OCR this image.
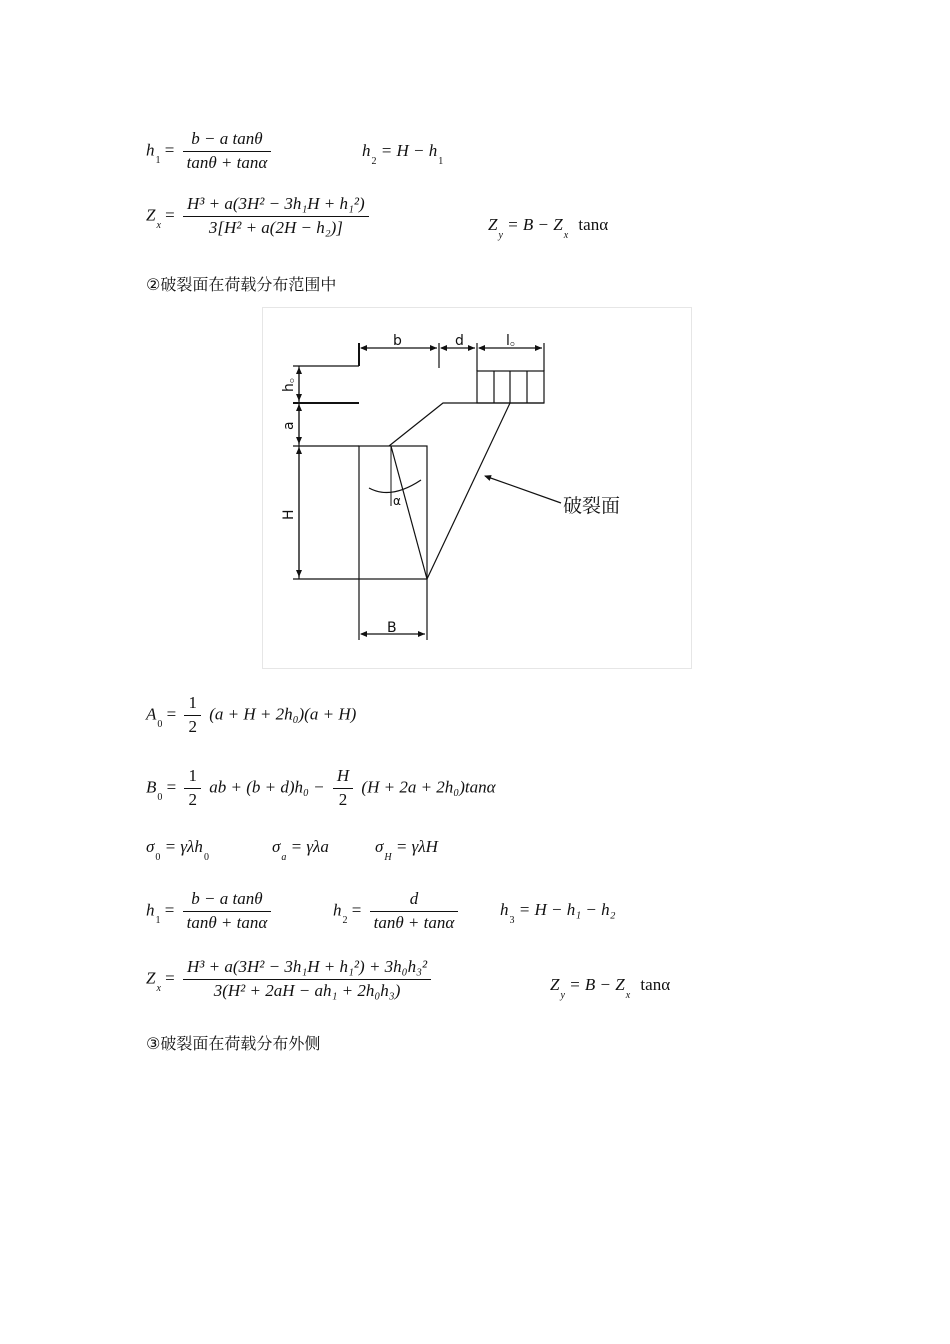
$h_1 = \frac{\text{b − a tanθ}}{\tan\theta + \tan\alpha}$	$h_2 = H - h_1$
$Z_x = \frac{\text{H³ + a(3H² − 3h₁H + h₁²)}}{\text{3[H² + a(2H − h₂)]}}$	$Z_y = B - Z_x$ tanα
②破裂面在荷载分布范围中
b	d	l。
h。
a
H
α
B
破裂面
$A_0 = \frac{1}{2} (a + H + 2h_0)(a + H)$
$B_0 = \frac{1}{2}$ ab + $(b + d)h_0 - \frac{H}{2} (H + 2a + 2h_0)\tan\alpha$
$\sigma_0 = \gamma\lambda h_0$
$\sigma_a = \gamma\lambda a$	$\sigma_H = \gamma\lambda H$
$h_1 = \frac{\text{b − a tanθ}}{\tan\theta + \tan\alpha}$	$h_2 = \frac{d}{\tan\theta + \tan\alpha} h_3 = H - h_1 - h_2$
$Z_x = \frac{\text{H³ + a(3H² − 3h₁H + h₁²) + 3h₀h₃²}}{\text{3(H² + 2aH − ah₁ + 2h₀h₃)}}$	$Z_y = B - Z_x$ tanα
③破裂面在荷载分布外侧
